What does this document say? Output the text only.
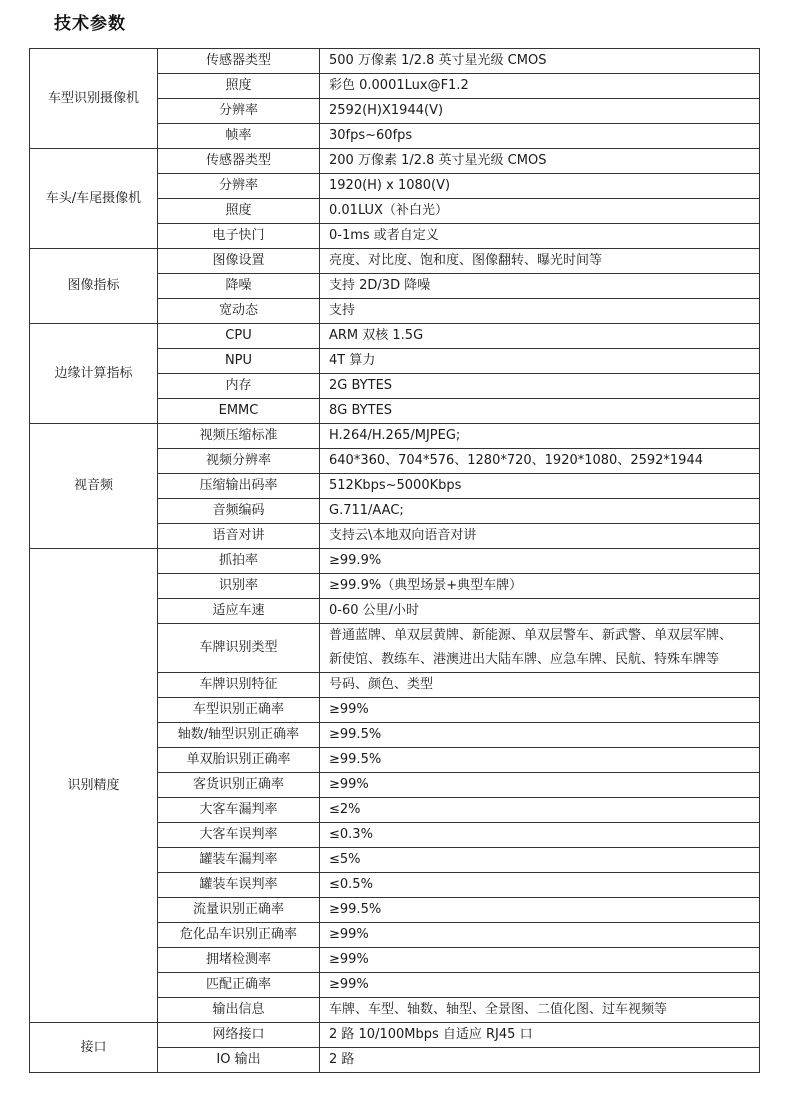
技术参数
车型识别摄像机	传感器类型	500 万像素 1/2.8 英寸星光级 CMOS
	照度	彩色 0.0001Lux@F1.2
	分辨率	2592(H)X1944(V)
	帧率	30fps~60fps
车头/车尾摄像机	传感器类型	200 万像素 1/2.8 英寸星光级 CMOS
	分辨率	1920(H) x 1080(V)
	照度	0.01LUX（补白光）
	电子快门	0-1ms 或者自定义
图像指标	图像设置	亮度、对比度、饱和度、图像翻转、曝光时间等
	降噪	支持 2D/3D 降噪
	宽动态	支持
边缘计算指标	CPU	ARM 双核 1.5G
	NPU	4T 算力
	内存	2G BYTES
	EMMC	8G BYTES
视音频	视频压缩标准	H.264/H.265/MJPEG;
	视频分辨率	640*360、704*576、1280*720、1920*1080、2592*1944
	压缩输出码率	512Kbps~5000Kbps
	音频编码	G.711/AAC;
	语音对讲	支持云\本地双向语音对讲
识别精度	抓拍率	≥99.9%
	识别率	≥99.9%（典型场景+典型车牌）
	适应车速	0-60 公里/小时
	车牌识别类型	普通蓝牌、单双层黄牌、新能源、单双层警车、新武警、单双层军牌、
新使馆、教练车、港澳进出大陆车牌、应急车牌、民航、特殊车牌等

	车牌识别特征	号码、颜色、类型
	车型识别正确率	≥99%
	轴数/轴型识别正确率	≥99.5%
	单双胎识别正确率	≥99.5%
	客货识别正确率	≥99%
	大客车漏判率	≤2%
	大客车误判率	≤0.3%
	罐装车漏判率	≤5%
	罐装车误判率	≤0.5%
	流量识别正确率	≥99.5%
	危化品车识别正确率	≥99%
	拥堵检测率	≥99%
	匹配正确率	≥99%
	输出信息	车牌、车型、轴数、轴型、全景图、二值化图、过车视频等
接口	网络接口	2 路 10/100Mbps 自适应 RJ45 口
	IO 输出	2 路
